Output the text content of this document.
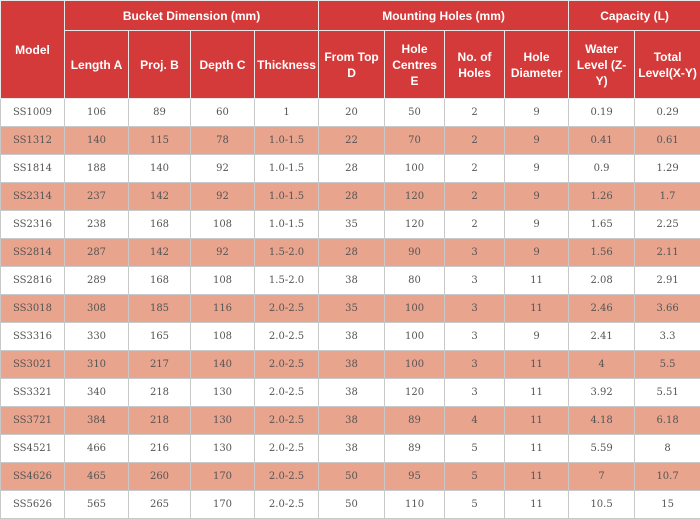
Model	Bucket Dimension (mm)				Mounting Holes (mm)				Capacity (L)	
	Length A	Proj. B	Depth C	Thickness	From Top D	Hole Centres E	No. of Holes	Hole Diameter	Water Level (Z-Y)	Total Level(X-Y)
SS1009	106	89	60	1	20	50	2	9	0.19	0.29
SS1312	140	115	78	1.0-1.5	22	70	2	9	0.41	0.61
SS1814	188	140	92	1.0-1.5	28	100	2	9	0.9	1.29
SS2314	237	142	92	1.0-1.5	28	120	2	9	1.26	1.7
SS2316	238	168	108	1.0-1.5	35	120	2	9	1.65	2.25
SS2814	287	142	92	1.5-2.0	28	90	3	9	1.56	2.11
SS2816	289	168	108	1.5-2.0	38	80	3	11	2.08	2.91
SS3018	308	185	116	2.0-2.5	35	100	3	11	2.46	3.66
SS3316	330	165	108	2.0-2.5	38	100	3	9	2.41	3.3
SS3021	310	217	140	2.0-2.5	38	100	3	11	4	5.5
SS3321	340	218	130	2.0-2.5	38	120	3	11	3.92	5.51
SS3721	384	218	130	2.0-2.5	38	89	4	11	4.18	6.18
SS4521	466	216	130	2.0-2.5	38	89	5	11	5.59	8
SS4626	465	260	170	2.0-2.5	50	95	5	11	7	10.7
SS5626	565	265	170	2.0-2.5	50	110	5	11	10.5	15
